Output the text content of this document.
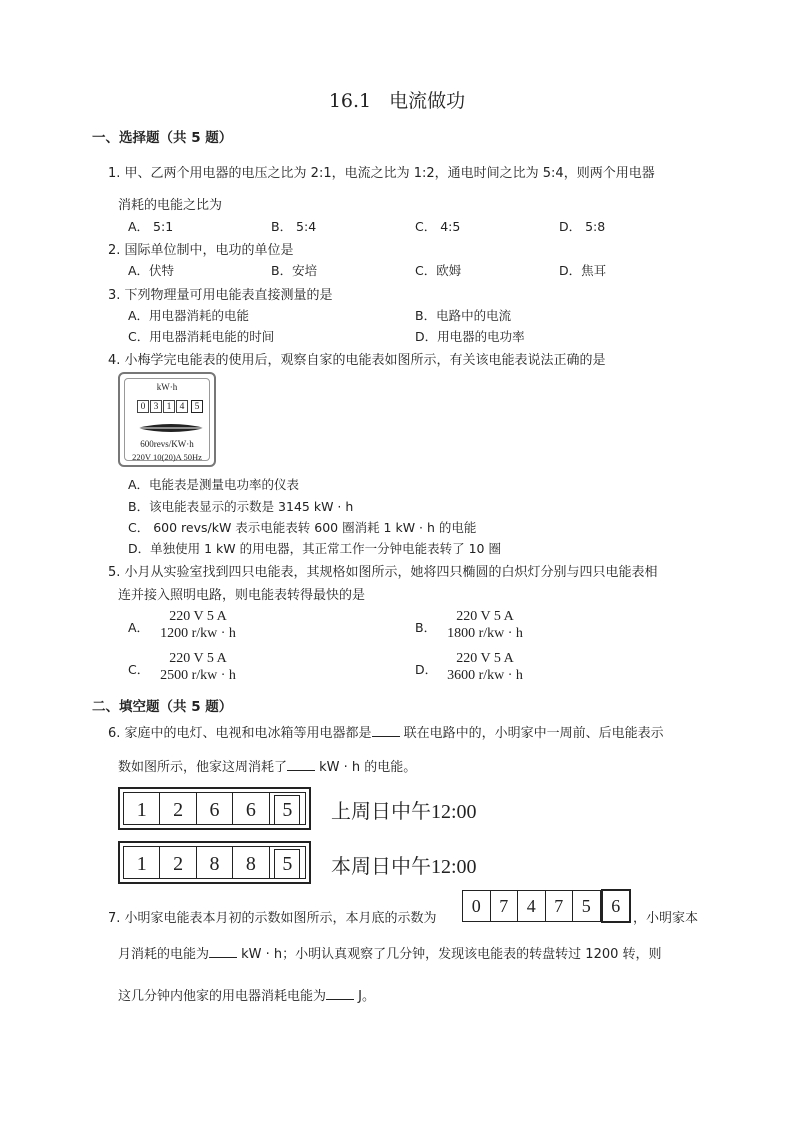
16.1 电流做功
一、选择题（共 5 题）
1. 甲、乙两个用电器的电压之比为 2:1，电流之比为 1:2，通电时间之比为 5:4，则两个用电器
消耗的电能之比为
A． 5:1	B． 5:4	C． 4:5	D． 5:8
2. 国际单位制中，电功的单位是
A．伏特	B．安培	C．欧姆	D．焦耳
3. 下列物理量可用电能表直接测量的是
A．用电器消耗的电能	B．电路中的电流
C．用电器消耗电能的时间	D．用电器的电功率
4. 小梅学完电能表的使用后，观察自家的电能表如图所示，有关该电能表说法正确的是
kW·h
0 3 1 4	5
600revs/KW·h
220V 10(20)A 50Hz
A．电能表是测量电功率的仪表
B．该电能表显示的示数是 3145 kW · h
C． 600 revs/kW 表示电能表转 600 圈消耗 1 kW · h 的电能
D．单独使用 1 kW 的用电器，其正常工作一分钟电能表转了 10 圈
5. 小月从实验室找到四只电能表，其规格如图所示，她将四只椭圆的白炽灯分别与四只电能表相
连并接入照明电路，则电能表转得最快的是
A．
220 V 5 A
1200 r/kw · h	B．
220 V 5 A
1800 r/kw · h
C．
220 V 5 A
2500 r/kw · h	D．
220 V 5 A
3600 r/kw · h
二、填空题（共 5 题）
6. 家庭中的电灯、电视和电冰箱等用电器都是 联在电路中的，小明家中一周前、后电能表示
数如图所示，他家这周消耗了 kW · h 的电能。
1	2	6	6	5	上周日中午12:00
1	2	8	8	5	本周日中午12:00
7. 小明家电能表本月初的示数如图所示，本月底的示数为
0	7	4	7	5	6
，小明家本
月消耗的电能为 kW · h；小明认真观察了几分钟，发现该电能表的转盘转过 1200 转，则
这几分钟内他家的用电器消耗电能为 J。
